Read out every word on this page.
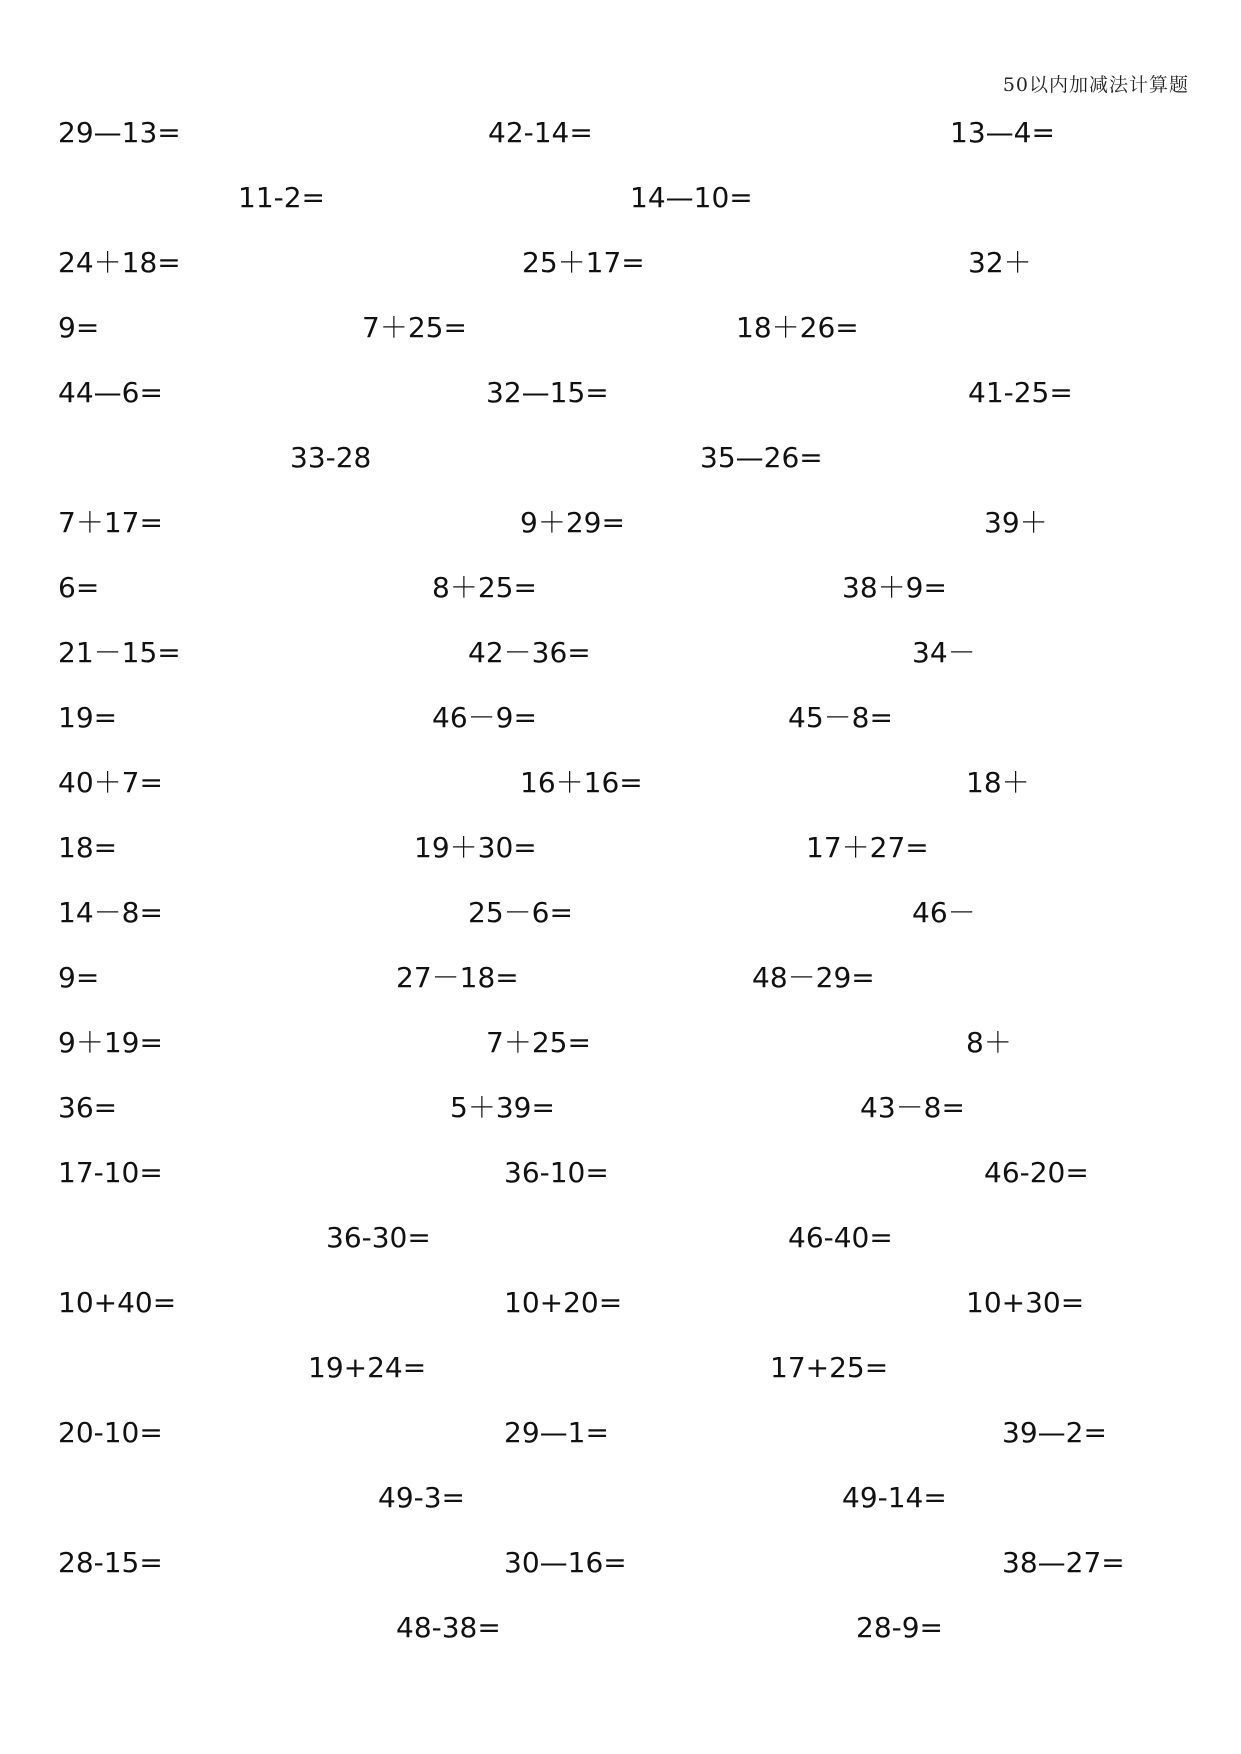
50以内加减法计算题
29—13=	42-14=	13—4=
11-2=	14—10=
24＋18=	25＋17=	32＋
9=	7＋25=	18＋26=
44—6=	32—15=	41-25=
33-28	35—26=
7＋17=	9＋29=	39＋
6=	8＋25=	38＋9=
21－15=	42－36=	34－
19=	46－9=	45－8=
40＋7=	16＋16=	18＋
18=	19＋30=	17＋27=
14－8=	25－6=	46－
9=	27－18=	48－29=
9＋19=	7＋25=	8＋
36=	5＋39=	43－8=
17-10=	36-10=	46-20=
36-30=	46-40=
10+40=	10+20=	10+30=
19+24=	17+25=
20-10=	29—1=	39—2=
49-3=	49-14=
28-15=	30—16=	38—27=
48-38=	28-9=
